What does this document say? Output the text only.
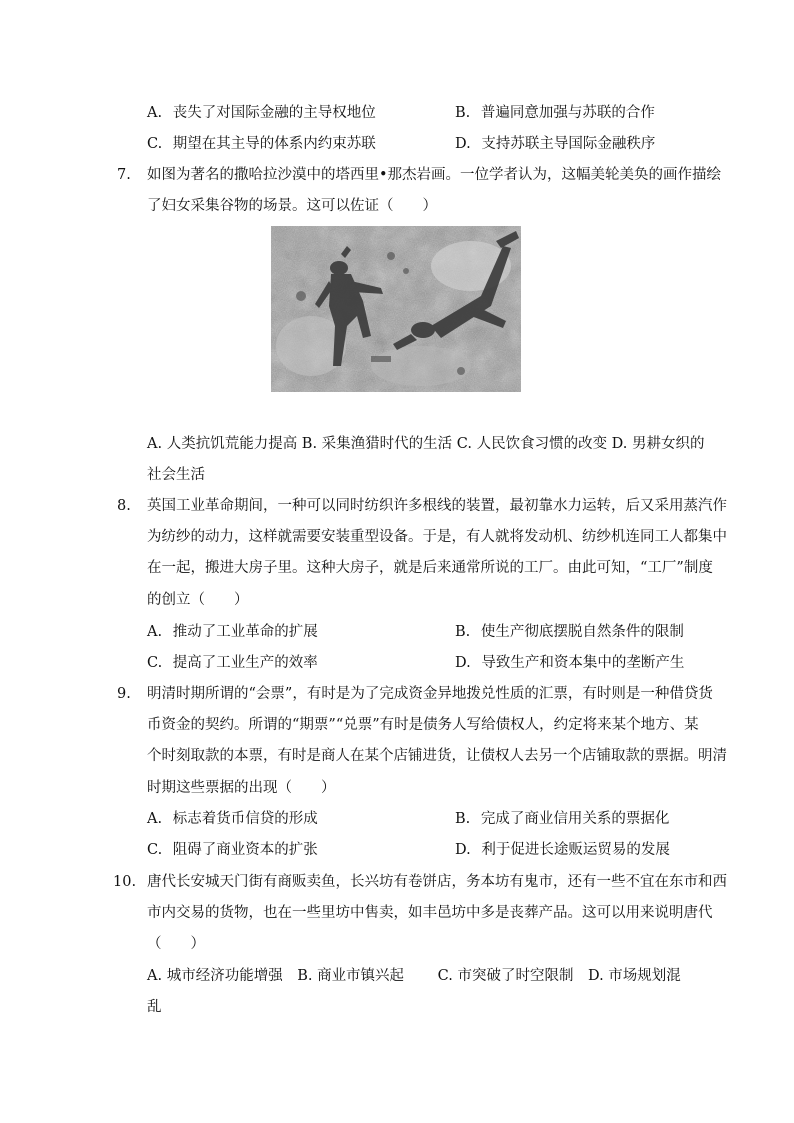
A. 丧失了对国际金融的主导权地位	B. 普遍同意加强与苏联的合作
C. 期望在其主导的体系内约束苏联	D. 支持苏联主导国际金融秩序
7. 如图为著名的撒哈拉沙漠中的塔西里•那杰岩画。一位学者认为，这幅美轮美奂的画作描绘
了妇女采集谷物的场景。这可以佐证（　　）
A. 人类抗饥荒能力提高 B. 采集渔猎时代的生活 C. 人民饮食习惯的改变 D. 男耕女织的
社会生活
8. 英国工业革命期间，一种可以同时纺织许多根线的装置，最初靠水力运转，后又采用蒸汽作
为纺纱的动力，这样就需要安装重型设备。于是，有人就将发动机、纺纱机连同工人都集中
在一起，搬进大房子里。这种大房子，就是后来通常所说的工厂。由此可知，“工厂”制度
的创立（　　）
A. 推动了工业革命的扩展	B. 使生产彻底摆脱自然条件的限制
C. 提高了工业生产的效率	D. 导致生产和资本集中的垄断产生
9. 明清时期所谓的“会票”，有时是为了完成资金异地拨兑性质的汇票，有时则是一种借贷货
币资金的契约。所谓的“期票”“兑票”有时是债务人写给债权人，约定将来某个地方、某
个时刻取款的本票，有时是商人在某个店铺进货，让债权人去另一个店铺取款的票据。明清
时期这些票据的出现（　　）
A. 标志着货币信贷的形成	B. 完成了商业信用关系的票据化
C. 阻碍了商业资本的扩张	D. 利于促进长途贩运贸易的发展
10. 唐代长安城天门街有商贩卖鱼，长兴坊有卷饼店，务本坊有鬼市，还有一些不宜在东市和西
市内交易的货物，也在一些里坊中售卖，如丰邑坊中多是丧葬产品。这可以用来说明唐代
（　　）
A. 城市经济功能增强　B. 商业市镇兴起　　 C. 市突破了时空限制　D. 市场规划混
乱
